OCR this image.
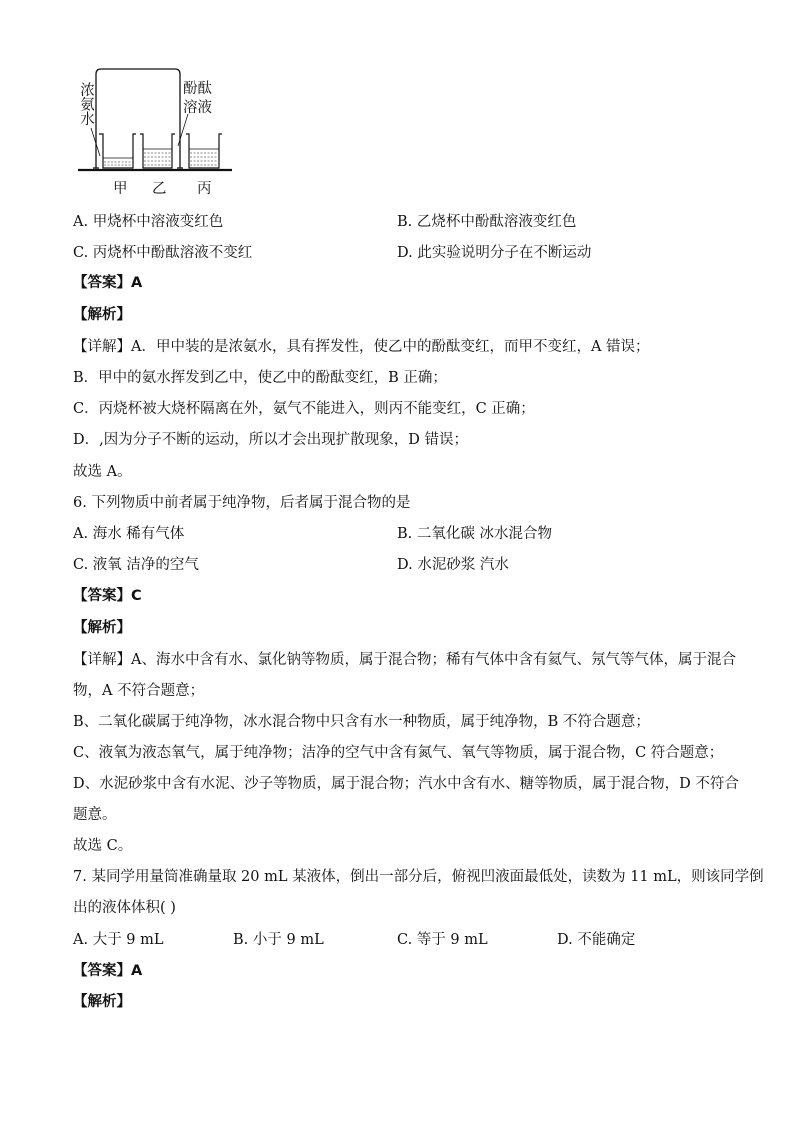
浓氨水	酚酞
溶液
甲 乙 丙
A. 甲烧杯中溶液变红色	B. 乙烧杯中酚酞溶液变红色
C. 丙烧杯中酚酞溶液不变红	D. 此实验说明分子在不断运动
【答案】A
【解析】
【详解】A．甲中装的是浓氨水，具有挥发性，使乙中的酚酞变红，而甲不变红，A 错误；
B．甲中的氨水挥发到乙中，使乙中的酚酞变红，B 正确；
C．丙烧杯被大烧杯隔离在外，氨气不能进入，则丙不能变红，C 正确；
D．,因为分子不断的运动，所以才会出现扩散现象，D 错误；
故选 A。
6. 下列物质中前者属于纯净物，后者属于混合物的是
A. 海水 稀有气体	B. 二氧化碳 冰水混合物
C. 液氧 洁净的空气	D. 水泥砂浆 汽水
【答案】C
【解析】
【详解】A、海水中含有水、氯化钠等物质，属于混合物；稀有气体中含有氦气、氖气等气体，属于混合
物，A 不符合题意；
B、二氧化碳属于纯净物，冰水混合物中只含有水一种物质，属于纯净物，B 不符合题意；
C、液氧为液态氧气，属于纯净物；洁净的空气中含有氮气、氧气等物质，属于混合物，C 符合题意；
D、水泥砂浆中含有水泥、沙子等物质，属于混合物；汽水中含有水、糖等物质，属于混合物，D 不符合
题意。
故选 C。
7. 某同学用量筒准确量取 20 mL 某液体，倒出一部分后，俯视凹液面最低处，读数为 11 mL，则该同学倒
出的液体体积( )
A. 大于 9 mL	B. 小于 9 mL	C. 等于 9 mL	D. 不能确定
【答案】A
【解析】
